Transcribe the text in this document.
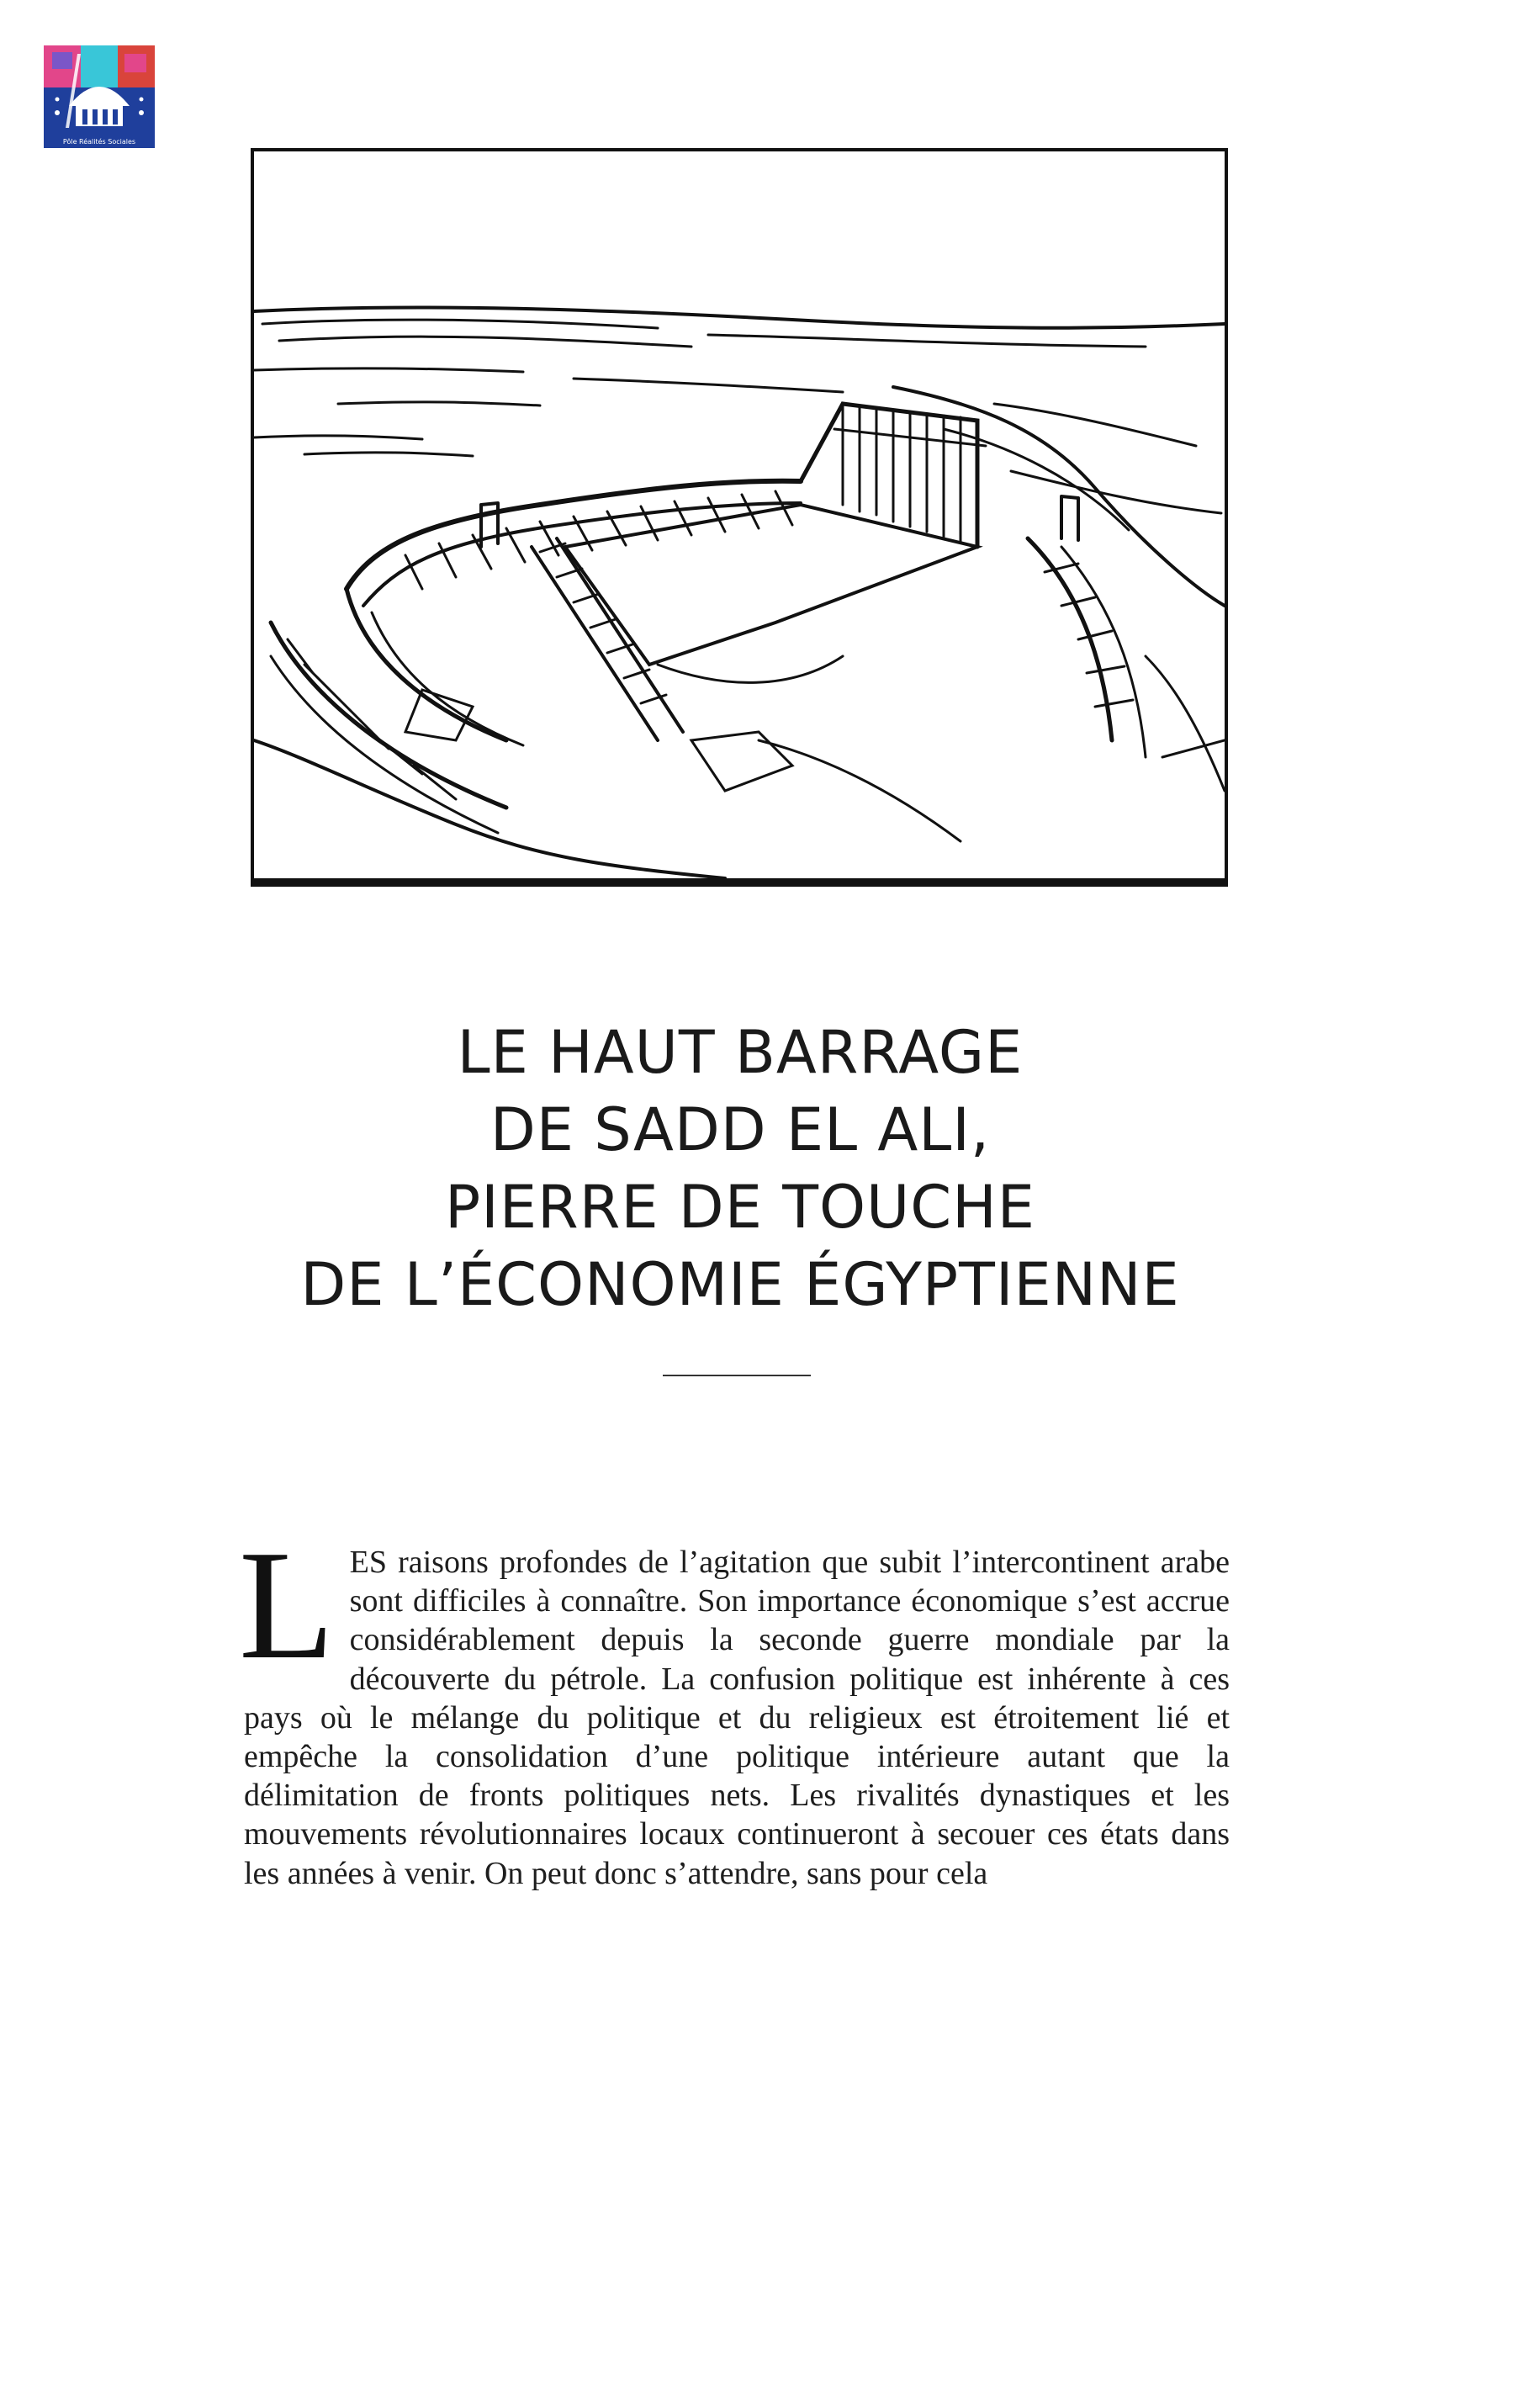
Pôle Réalités Sociales
LE HAUT BARRAGE
DE SADD EL ALI,
PIERRE DE TOUCHE
DE L’ÉCONOMIE ÉGYPTIENNE

LES raisons profondes de l’agitation que subit l’intercontinent arabe sont difficiles à connaître. Son importance économique s’est accrue considérablement depuis la seconde guerre mondiale par la découverte du pétrole. La confusion politique est inhérente à ces pays où le mélange du politique et du religieux est étroitement lié et empêche la consolidation d’une politique intérieure autant que la délimitation de fronts politiques nets. Les rivalités dynastiques et les mouvements révolutionnaires locaux continueront à secouer ces états dans les années à venir. On peut donc s’attendre, sans pour cela
